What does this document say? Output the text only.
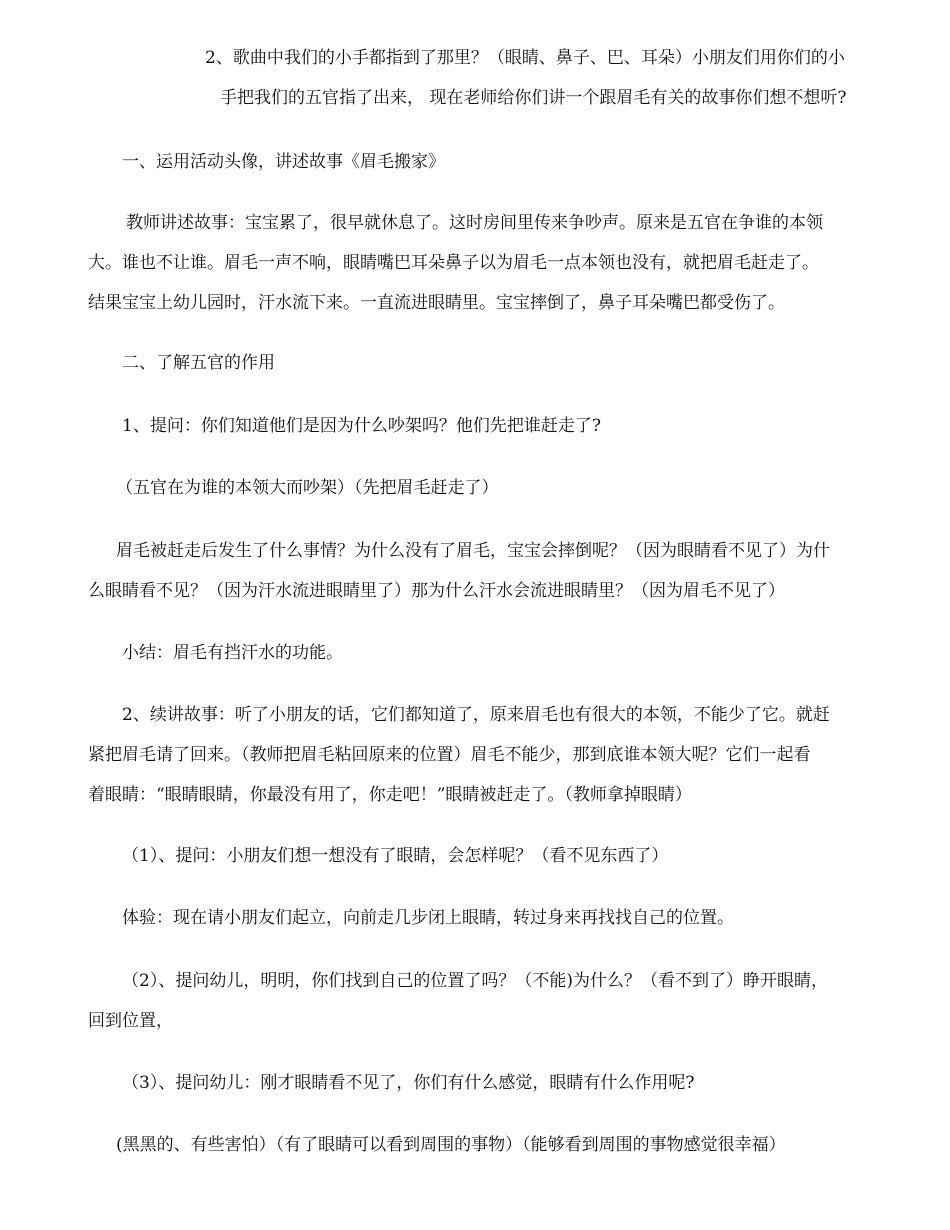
2、歌曲中我们的小手都指到了那里？（眼睛、鼻子、巴、耳朵）小朋友们用你们的小

手把我们的五官指了出来， 现在老师给你们讲一个跟眉毛有关的故事你们想不想听?

一、运用活动头像，讲述故事《眉毛搬家》

教师讲述故事：宝宝累了，很早就休息了。这时房间里传来争吵声。原来是五官在争谁的本领

大。谁也不让谁。眉毛一声不响，眼睛嘴巴耳朵鼻子以为眉毛一点本领也没有，就把眉毛赶走了。

结果宝宝上幼儿园时，汗水流下来。一直流进眼睛里。宝宝摔倒了，鼻子耳朵嘴巴都受伤了。

二、了解五官的作用

1、提问：你们知道他们是因为什么吵架吗？他们先把谁赶走了?

（五官在为谁的本领大而吵架）（先把眉毛赶走了）

眉毛被赶走后发生了什么事情？为什么没有了眉毛，宝宝会摔倒呢？（因为眼睛看不见了）为什

么眼睛看不见？（因为汗水流进眼睛里了）那为什么汗水会流进眼睛里？（因为眉毛不见了）

小结：眉毛有挡汗水的功能。

2、续讲故事：听了小朋友的话，它们都知道了，原来眉毛也有很大的本领，不能少了它。就赶

紧把眉毛请了回来。（教师把眉毛粘回原来的位置）眉毛不能少，那到底谁本领大呢？它们一起看

着眼睛：“眼睛眼睛，你最没有用了，你走吧！”眼睛被赶走了。（教师拿掉眼睛）

（1）、提问：小朋友们想一想没有了眼睛，会怎样呢？（看不见东西了）

体验：现在请小朋友们起立，向前走几步闭上眼睛，转过身来再找找自己的位置。

（2）、提问幼儿，明明，你们找到自己的位置了吗？（不能)为什么？（看不到了）睁开眼睛，

回到位置，

（3）、提问幼儿：刚才眼睛看不见了，你们有什么感觉，眼睛有什么作用呢?

(黑黑的、有些害怕）（有了眼睛可以看到周围的事物）（能够看到周围的事物感觉很幸福）
